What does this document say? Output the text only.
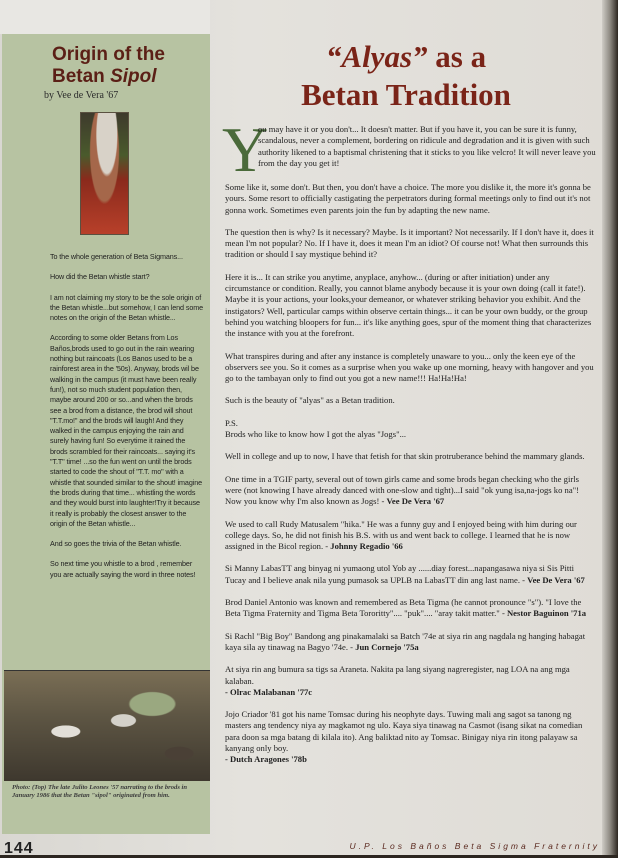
Origin of the
Betan Sipol
by Vee de Vera '67

To the whole generation of Beta Sigmans...

How did the Betan whistle start?

I am not claiming my story to be the sole origin of the Betan whistle...but somehow, I can lend some notes on the origin of the Betan whistle...

According to some older Betans from Los Baños,brods used to go out in the rain wearing nothing but raincoats (Los Banos used to be a rainforest area in the '50s). Anyway, brods wil be walking in the campus (it must have been really fun!), not so much student population then, maybe around 200 or so...and when the brods see a brod from a distance, the brod will shout "T.T.mo!" and the brods will laugh! And they walked in the campus enjoying the rain and surely having fun! So everytime it rained the brods scrambled for their raincoats... saying it's "T.T" time! ...so the fun went on until the brods started to code the shout of "T.T. mo" with a whistle that sounded similar to the shout! imagine the brods during that time... whistling the words and they would burst into laughter!Try it because it really is probably the closest answer to the origin of the Betan whistle...

And so goes the trivia of the Betan whistle.

So next time you whistle to a brod , remember you are actually saying the word in three notes!

Photo: (Top) The late Julito Leones '57 narrating to the brods in January 1986 that the Betan "sipol" originated from him.
“Alyas” as a
Betan Tradition
Y
ou may have it or you don't... It doesn't matter. But if you have it, you can be sure it is funny, scandalous, never a complement, bordering on ridicule and degradation and it is given with such authority likened to a baptismal christening that it sticks to you like velcro! It will never leave you from the day you get it!

Some like it, some don't. But then, you don't have a choice. The more you dislike it, the more it's gonna be yours. Some resort to officially castigating the perpetrators during formal meetings only to find out it's not gonna work. Sometimes even parents join the fun by adapting the new name.

The question then is why? Is it necessary? Maybe. Is it important? Not necessarily. If I don't have it, does it mean I'm not popular? No. If I have it, does it mean I'm an idiot? Of course not! What then surrounds this tradition or should I say mystique behind it?

Here it is... It can strike you anytime, anyplace, anyhow... (during or after initiation) under any circumstance or condition. Really, you cannot blame anybody because it is your own doing (call it fate!). Maybe it is your actions, your looks,your demeanor, or whatever striking behavior you exhibit. And the instigators? Well, particular camps within observe certain things... it can be your own buddy, or the group behind you watching bloopers for fun... it's like anything goes, spur of the moment thing that characterizes the instance with you at the forefront.

What transpires during and after any instance is completely unaware to you... only the keen eye of the observers see you. So it comes as a surprise when you wake up one morning, heavy with hangover and you go to the tambayan only to find out you got a new name!!! Ha!Ha!Ha!

Such is the beauty of "alyas" as a Betan tradition.

P.S.
Brods who like to know how I got the alyas "Jogs"...

Well in college and up to now, I have that fetish for that skin protruberance behind the mammary glands.

One time in a TGIF party, several out of town girls came and some brods began checking who the girls were (not knowing I have already danced with one-slow and tight)...I said "ok yung isa,na-jogs ko na"! Now you know why I'm also known as Jogs! - Vee De Vera '67

We used to call Rudy Matusalem "hika." He was a funny guy and I enjoyed being with him during our college days. So, he did not finish his B.S. with us and went back to college. I learned that he is now assigned in the Bicol region. - Johnny Regadio '66

Si Manny LabasTT ang binyag ni yumaong utol Yob ay ......diay forest...napangasawa niya si Sis Pitti Tucay and I believe anak nila yung pumasok sa UPLB na LabasTT din ang last name. - Vee De Vera '67

Brod Daniel Antonio was known and remembered as Beta Tigma (he cannot pronounce "s"). "I love the Beta Tigma Fraternity and Tigma Beta Tororitty".... "puk".... "aray takit matter." - Nestor Baguinon '71a

Si Rachl "Big Boy" Bandong ang pinakamalaki sa Batch '74e at siya rin ang nagdala ng hanging habagat kaya sila ay tinawag na Bagyo '74e. - Jun Cornejo '75a

At siya rin ang bumura sa tigs sa Araneta. Nakita pa lang siyang nagreregister, nag LOA na ang mga kalaban.
- Olrac Malabanan '77c

Jojo Criador '81 got his name Tomsac during his neophyte days. Tuwing mali ang sagot sa tanong ng masters ang tendency niya ay magkamot ng ulo. Kaya siya tinawag na Casmot (isang sikat na comedian para doon sa mga batang di kilala ito). Ang baliktad nito ay Tomsac. Binigay niya rin itong palayaw sa kanyang only boy.
- Dutch Aragones '78b

144	U.P. Los Baños Beta Sigma Fraternity
